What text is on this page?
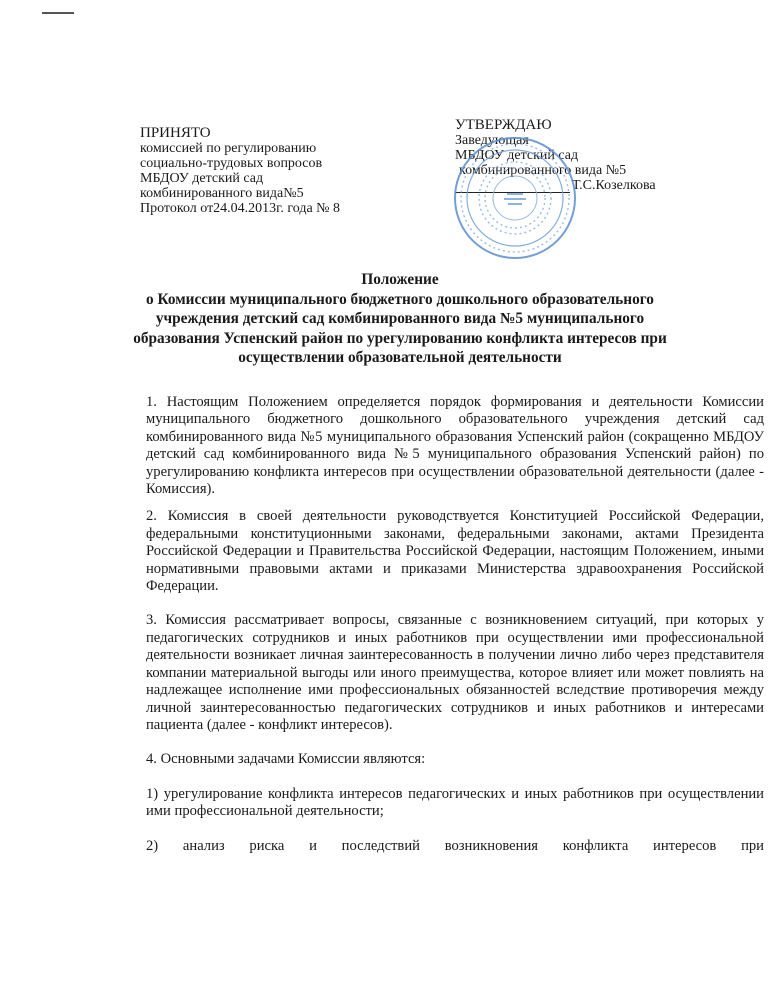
ПРИНЯТО
комиссией по регулированию
социально-трудовых вопросов
МБДОУ детский сад
комбинированного вида№5
Протокол от24.04.2013г. года № 8
УТВЕРЖДАЮ
Заведующая
МБДОУ детский сад
комбинированного вида №5
Т.С.Козелкова
Положение
о Комиссии муниципального бюджетного дошкольного образовательного
учреждения детский сад комбинированного вида №5 муниципального
образования Успенский район по урегулированию конфликта интересов при
осуществлении образовательной деятельности

1. Настоящим Положением определяется порядок формирования и деятельности Комиссии муниципального бюджетного дошкольного образовательного учреждения детский сад комбинированного вида №5 муниципального образования Успенский район (сокращенно МБДОУ детский сад комбинированного вида №5 муниципального образования Успенский район) по урегулированию конфликта интересов при осуществлении образовательной деятельности (далее - Комиссия).

2. Комиссия в своей деятельности руководствуется Конституцией Российской Федерации, федеральными конституционными законами, федеральными законами, актами Президента Российской Федерации и Правительства Российской Федерации, настоящим Положением, иными нормативными правовыми актами и приказами Министерства здравоохранения Российской Федерации.

3. Комиссия рассматривает вопросы, связанные с возникновением ситуаций, при которых у педагогических сотрудников и иных работников при осуществлении ими профессиональной деятельности возникает личная заинтересованность в получении лично либо через представителя компании материальной выгоды или иного преимущества, которое влияет или может повлиять на надлежащее исполнение ими профессиональных обязанностей вследствие противоречия между личной заинтересованностью педагогических сотрудников и иных работников и интересами пациента (далее - конфликт интересов).

4. Основными задачами Комиссии являются:

1) урегулирование конфликта интересов педагогических и иных работников при осуществлении ими профессиональной деятельности;

2) анализ риска и последствий возникновения конфликта интересов при
